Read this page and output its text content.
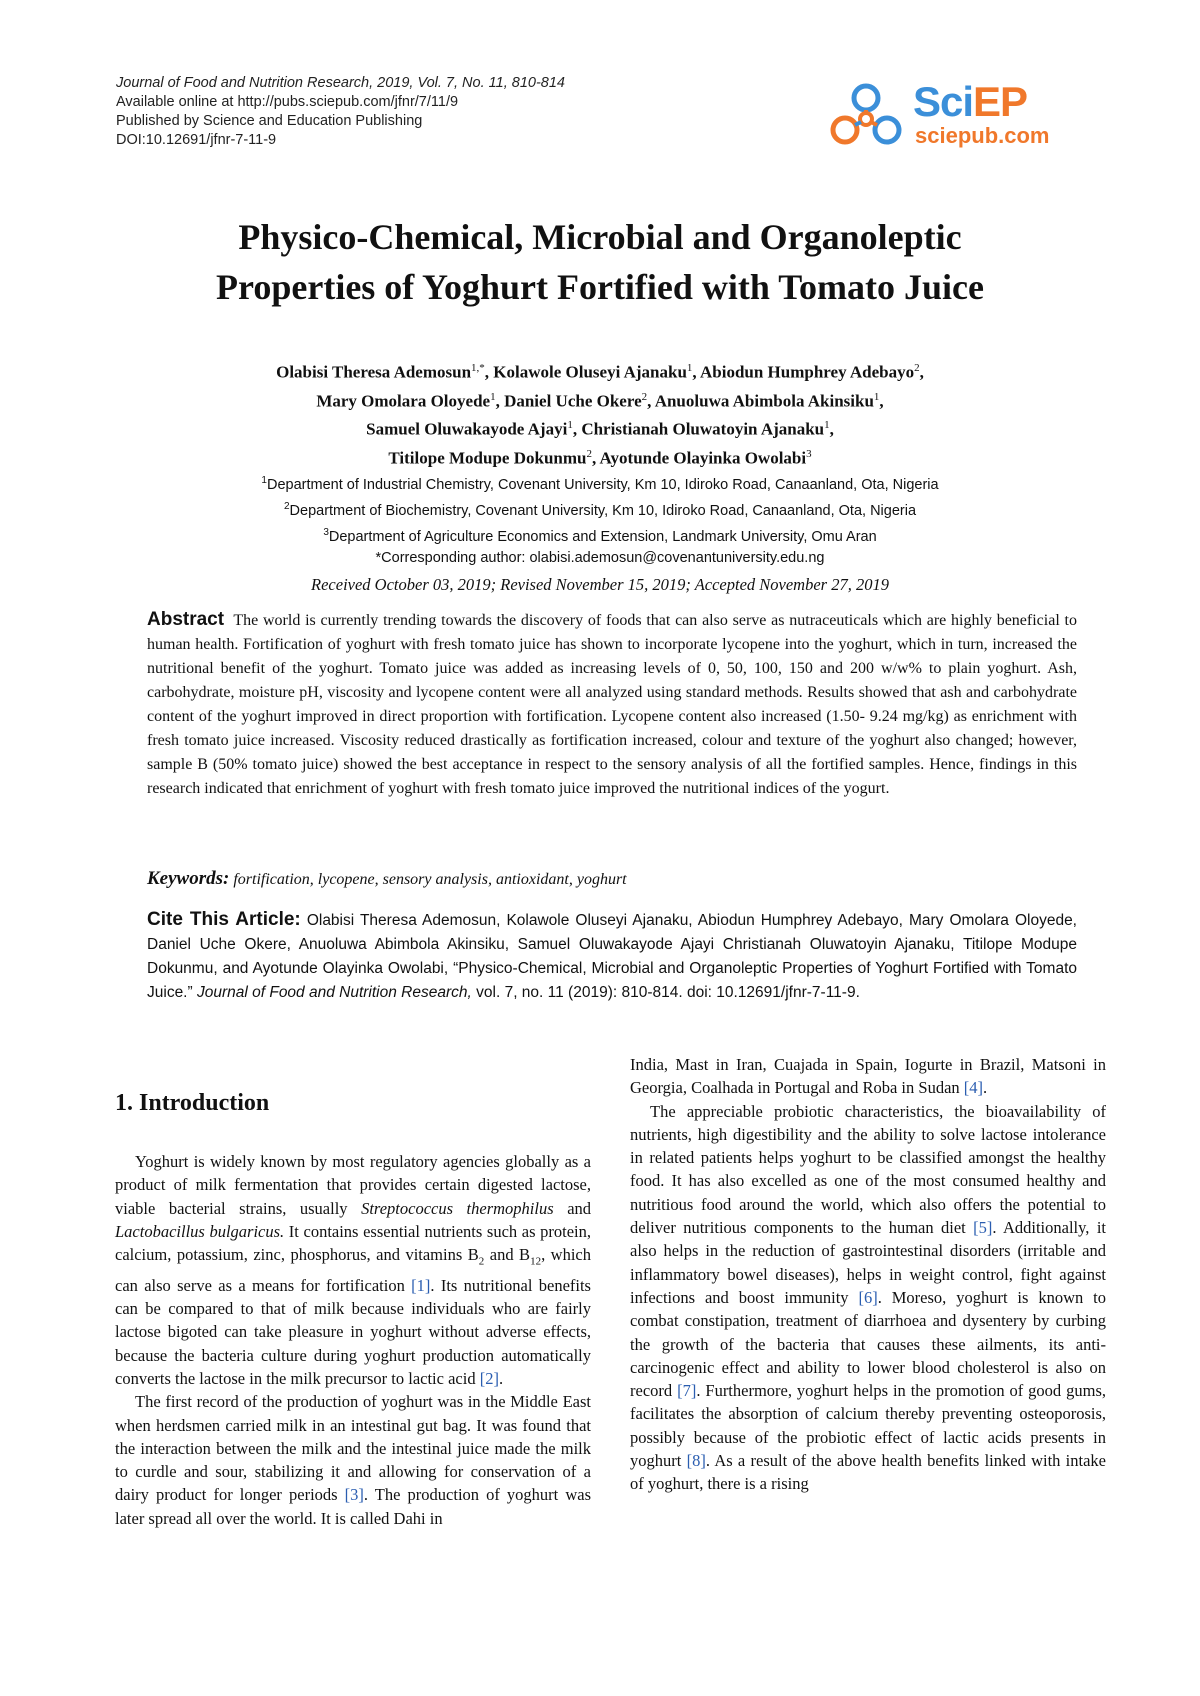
Journal of Food and Nutrition Research, 2019, Vol. 7, No. 11, 810-814
Available online at http://pubs.sciepub.com/jfnr/7/11/9
Published by Science and Education Publishing
DOI:10.12691/jfnr-7-11-9
SciEP
sciepub.com
Physico-Chemical, Microbial and Organoleptic
Properties of Yoghurt Fortified with Tomato Juice
Olabisi Theresa Ademosun$^{1,*}$, Kolawole Oluseyi Ajanaku$^1$, Abiodun Humphrey Adebayo$^2$,
Mary Omolara Oloyede$^1$, Daniel Uche Okere$^2$, Anuoluwa Abimbola Akinsiku$^1$,
Samuel Oluwakayode Ajayi$^1$, Christianah Oluwatoyin Ajanaku$^1$,
Titilope Modupe Dokunmu$^2$, Ayotunde Olayinka Owolabi$^3$
$^1$Department of Industrial Chemistry, Covenant University, Km 10, Idiroko Road, Canaanland, Ota, Nigeria
$^2$Department of Biochemistry, Covenant University, Km 10, Idiroko Road, Canaanland, Ota, Nigeria
$^3$Department of Agriculture Economics and Extension, Landmark University, Omu Aran
*Corresponding author: olabisi.ademosun@covenantuniversity.edu.ng
Received October 03, 2019; Revised November 15, 2019; Accepted November 27, 2019
Abstract The world is currently trending towards the discovery of foods that can also serve as nutraceuticals which are highly beneficial to human health. Fortification of yoghurt with fresh tomato juice has shown to incorporate lycopene into the yoghurt, which in turn, increased the nutritional benefit of the yoghurt. Tomato juice was added as increasing levels of 0, 50, 100, 150 and 200 w/w% to plain yoghurt. Ash, carbohydrate, moisture pH, viscosity and lycopene content were all analyzed using standard methods. Results showed that ash and carbohydrate content of the yoghurt improved in direct proportion with fortification. Lycopene content also increased (1.50- 9.24 mg/kg) as enrichment with fresh tomato juice increased. Viscosity reduced drastically as fortification increased, colour and texture of the yoghurt also changed; however, sample B (50% tomato juice) showed the best acceptance in respect to the sensory analysis of all the fortified samples. Hence, findings in this research indicated that enrichment of yoghurt with fresh tomato juice improved the nutritional indices of the yogurt.
Keywords: fortification, lycopene, sensory analysis, antioxidant, yoghurt
Cite This Article: Olabisi Theresa Ademosun, Kolawole Oluseyi Ajanaku, Abiodun Humphrey Adebayo, Mary Omolara Oloyede, Daniel Uche Okere, Anuoluwa Abimbola Akinsiku, Samuel Oluwakayode Ajayi Christianah Oluwatoyin Ajanaku, Titilope Modupe Dokunmu, and Ayotunde Olayinka Owolabi, “Physico-Chemical, Microbial and Organoleptic Properties of Yoghurt Fortified with Tomato Juice.” Journal of Food and Nutrition Research, vol. 7, no. 11 (2019): 810-814. doi: 10.12691/jfnr-7-11-9.
1. Introduction

Yoghurt is widely known by most regulatory agencies globally as a product of milk fermentation that provides certain digested lactose, viable bacterial strains, usually Streptococcus thermophilus and Lactobacillus bulgaricus. It contains essential nutrients such as protein, calcium, potassium, zinc, phosphorus, and vitamins $B_2$ and $B_{12}$, which can also serve as a means for fortification [1]. Its nutritional benefits can be compared to that of milk because individuals who are fairly lactose bigoted can take pleasure in yoghurt without adverse effects, because the bacteria culture during yoghurt production automatically converts the lactose in the milk precursor to lactic acid [2].

The first record of the production of yoghurt was in the Middle East when herdsmen carried milk in an intestinal gut bag. It was found that the interaction between the milk and the intestinal juice made the milk to curdle and sour, stabilizing it and allowing for conservation of a dairy product for longer periods [3]. The production of yoghurt was later spread all over the world. It is called Dahi in

India, Mast in Iran, Cuajada in Spain, Iogurte in Brazil, Matsoni in Georgia, Coalhada in Portugal and Roba in Sudan [4].

The appreciable probiotic characteristics, the bioavailability of nutrients, high digestibility and the ability to solve lactose intolerance in related patients helps yoghurt to be classified amongst the healthy food. It has also excelled as one of the most consumed healthy and nutritious food around the world, which also offers the potential to deliver nutritious components to the human diet [5]. Additionally, it also helps in the reduction of gastrointestinal disorders (irritable and inflammatory bowel diseases), helps in weight control, fight against infections and boost immunity [6]. Moreso, yoghurt is known to combat constipation, treatment of diarrhoea and dysentery by curbing the growth of the bacteria that causes these ailments, its anti-carcinogenic effect and ability to lower blood cholesterol is also on record [7]. Furthermore, yoghurt helps in the promotion of good gums, facilitates the absorption of calcium thereby preventing osteoporosis, possibly because of the probiotic effect of lactic acids presents in yoghurt [8]. As a result of the above health benefits linked with intake of yoghurt, there is a rising
